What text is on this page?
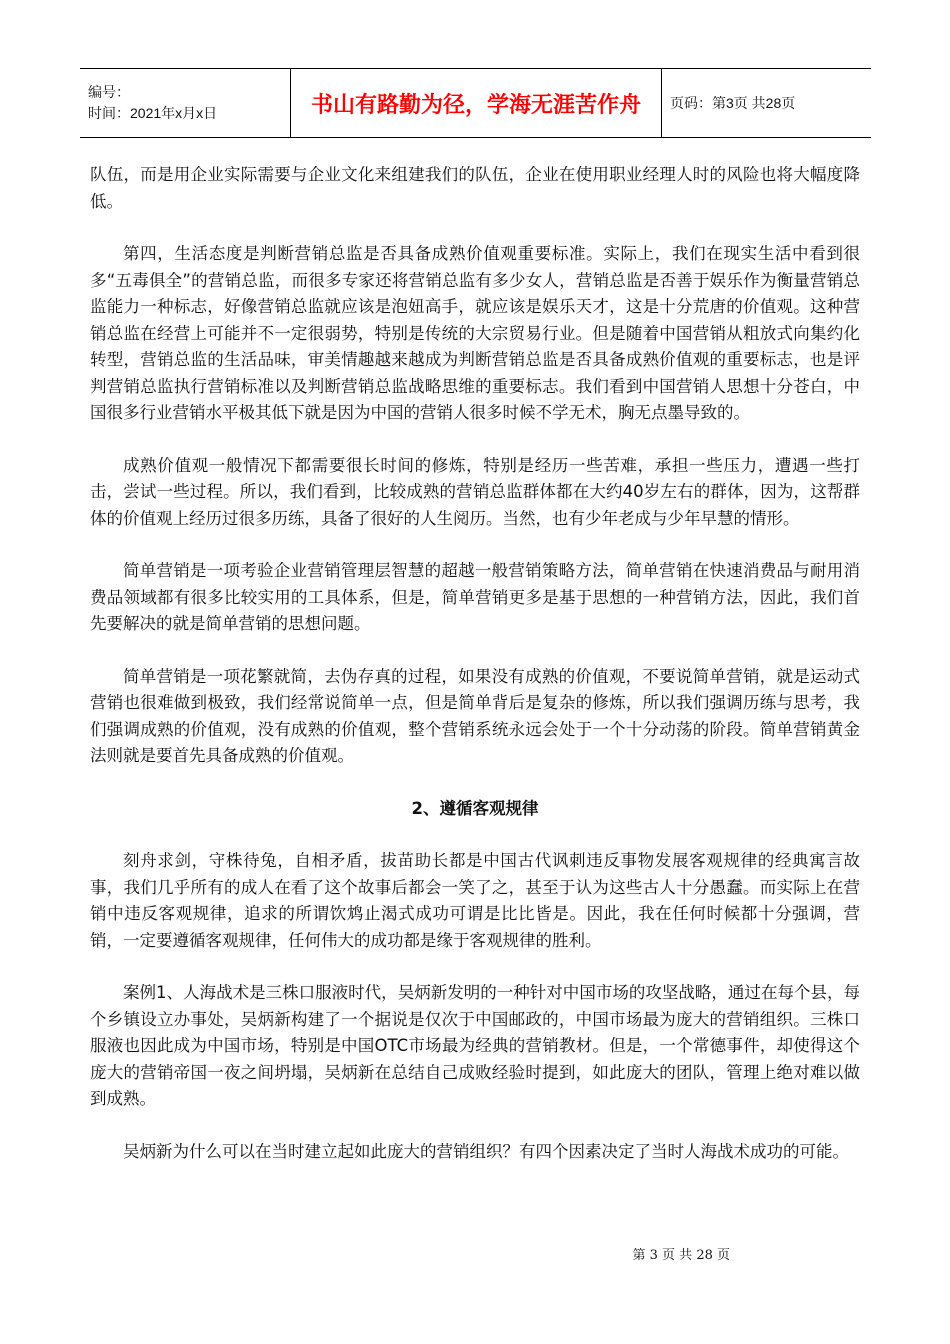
编号：
时间：2021年x月x日	书山有路勤为径，学海无涯苦作舟 页码：第3页 共28页

队伍，而是用企业实际需要与企业文化来组建我们的队伍，企业在使用职业经理人时的风险也将大幅度降低。

第四，生活态度是判断营销总监是否具备成熟价值观重要标准。实际上，我们在现实生活中看到很多“五毒俱全”的营销总监，而很多专家还将营销总监有多少女人，营销总监是否善于娱乐作为衡量营销总监能力一种标志，好像营销总监就应该是泡妞高手，就应该是娱乐天才，这是十分荒唐的价值观。这种营销总监在经营上可能并不一定很弱势，特别是传统的大宗贸易行业。但是随着中国营销从粗放式向集约化转型，营销总监的生活品味，审美情趣越来越成为判断营销总监是否具备成熟价值观的重要标志，也是评判营销总监执行营销标准以及判断营销总监战略思维的重要标志。我们看到中国营销人思想十分苍白，中国很多行业营销水平极其低下就是因为中国的营销人很多时候不学无术，胸无点墨导致的。

成熟价值观一般情况下都需要很长时间的修炼，特别是经历一些苦难，承担一些压力，遭遇一些打击，尝试一些过程。所以，我们看到，比较成熟的营销总监群体都在大约40岁左右的群体，因为，这帮群体的价值观上经历过很多历练，具备了很好的人生阅历。当然，也有少年老成与少年早慧的情形。

简单营销是一项考验企业营销管理层智慧的超越一般营销策略方法，简单营销在快速消费品与耐用消费品领域都有很多比较实用的工具体系，但是，简单营销更多是基于思想的一种营销方法，因此，我们首先要解决的就是简单营销的思想问题。

简单营销是一项花繁就简，去伪存真的过程，如果没有成熟的价值观，不要说简单营销，就是运动式营销也很难做到极致，我们经常说简单一点，但是简单背后是复杂的修炼，所以我们强调历练与思考，我们强调成熟的价值观，没有成熟的价值观，整个营销系统永远会处于一个十分动荡的阶段。简单营销黄金法则就是要首先具备成熟的价值观。

2、遵循客观规律

刻舟求剑，守株待兔，自相矛盾，拔苗助长都是中国古代讽刺违反事物发展客观规律的经典寓言故事，我们几乎所有的成人在看了这个故事后都会一笑了之，甚至于认为这些古人十分愚蠢。而实际上在营销中违反客观规律，追求的所谓饮鸩止渴式成功可谓是比比皆是。因此，我在任何时候都十分强调，营销，一定要遵循客观规律，任何伟大的成功都是缘于客观规律的胜利。

案例1、人海战术是三株口服液时代，吴炳新发明的一种针对中国市场的攻坚战略，通过在每个县，每个乡镇设立办事处，吴炳新构建了一个据说是仅次于中国邮政的，中国市场最为庞大的营销组织。三株口服液也因此成为中国市场，特别是中国OTC市场最为经典的营销教材。但是，一个常德事件，却使得这个庞大的营销帝国一夜之间坍塌，吴炳新在总结自己成败经验时提到，如此庞大的团队，管理上绝对难以做到成熟。

吴炳新为什么可以在当时建立起如此庞大的营销组织？有四个因素决定了当时人海战术成功的可能。

第 3 页 共 28 页
